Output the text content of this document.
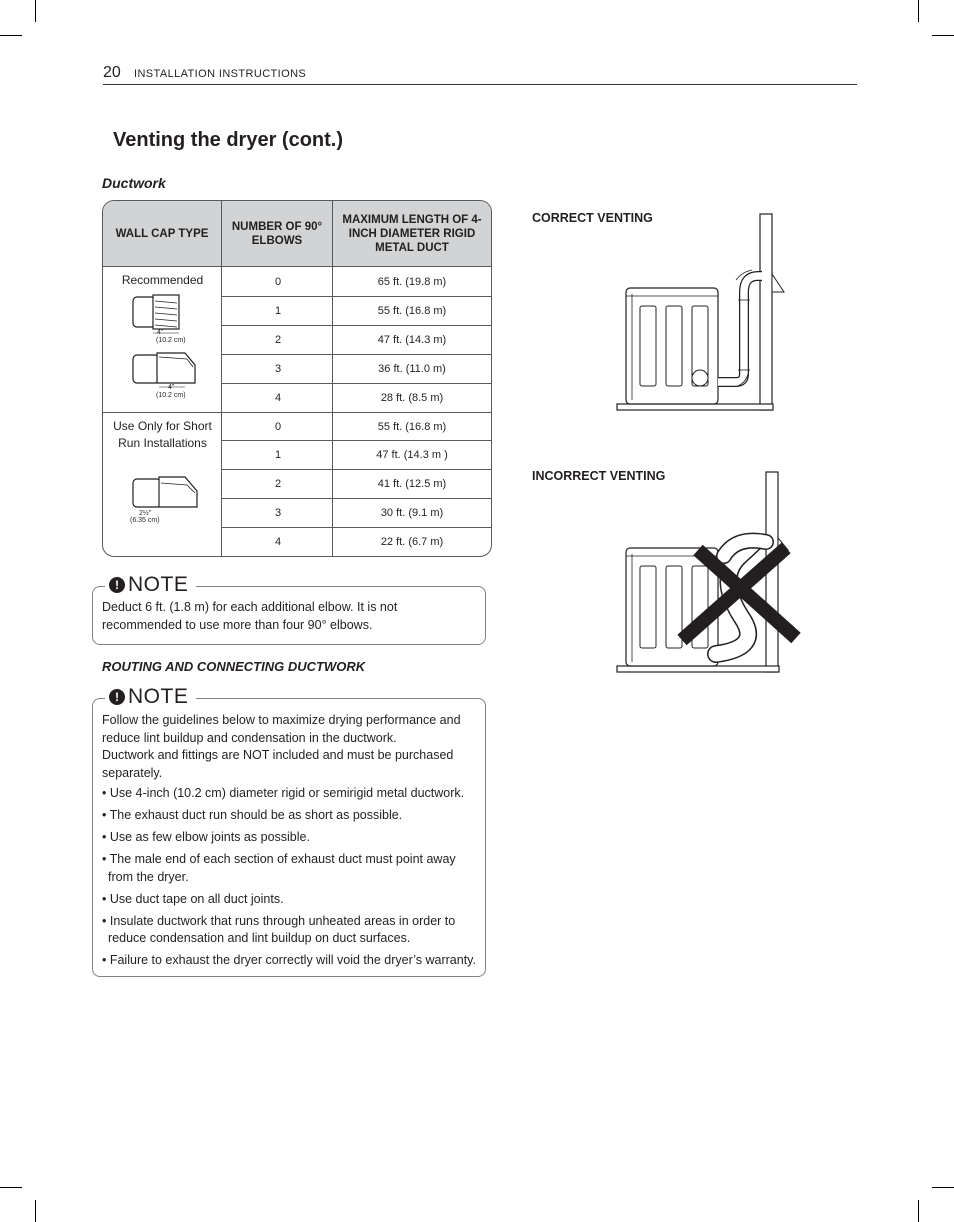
20 INSTALLATION INSTRUCTIONS
Venting the dryer (cont.)
Ductwork
WALL CAP TYPE
NUMBER OF 90° ELBOWS
MAXIMUM LENGTH OF 4-INCH DIAMETER RIGID METAL DUCT
Recommended
4"
(10.2 cm)
4"
(10.2 cm)
Use Only for Short Run Installations
2½"
(6.35 cm)
0	65 ft. (19.8 m)
1	55 ft. (16.8 m)
2	47 ft. (14.3 m)
3	36 ft. (11.0 m)
4	28 ft. (8.5 m)
0	55 ft. (16.8 m)
1	47 ft. (14.3 m )
2	41 ft. (12.5 m)
3	30 ft. (9.1 m)
4	22 ft. (6.7 m)
! NOTE

Deduct 6 ft. (1.8 m) for each additional elbow. It is not recommended to use more than four 90° elbows.

ROUTING AND CONNECTING DUCTWORK
! NOTE

Follow the guidelines below to maximize drying performance and reduce lint buildup and condensation in the ductwork.

Ductwork and fittings are NOT included and must be purchased separately.

• Use 4-inch (10.2 cm) diameter rigid or semirigid metal ductwork.
• The exhaust duct run should be as short as possible.
• Use as few elbow joints as possible.
• The male end of each section of exhaust duct must point away from the dryer.
• Use duct tape on all duct joints.
• Insulate ductwork that runs through unheated areas in order to reduce condensation and lint buildup on duct surfaces.
• Failure to exhaust the dryer correctly will void the dryer’s warranty.
CORRECT VENTING
INCORRECT VENTING
